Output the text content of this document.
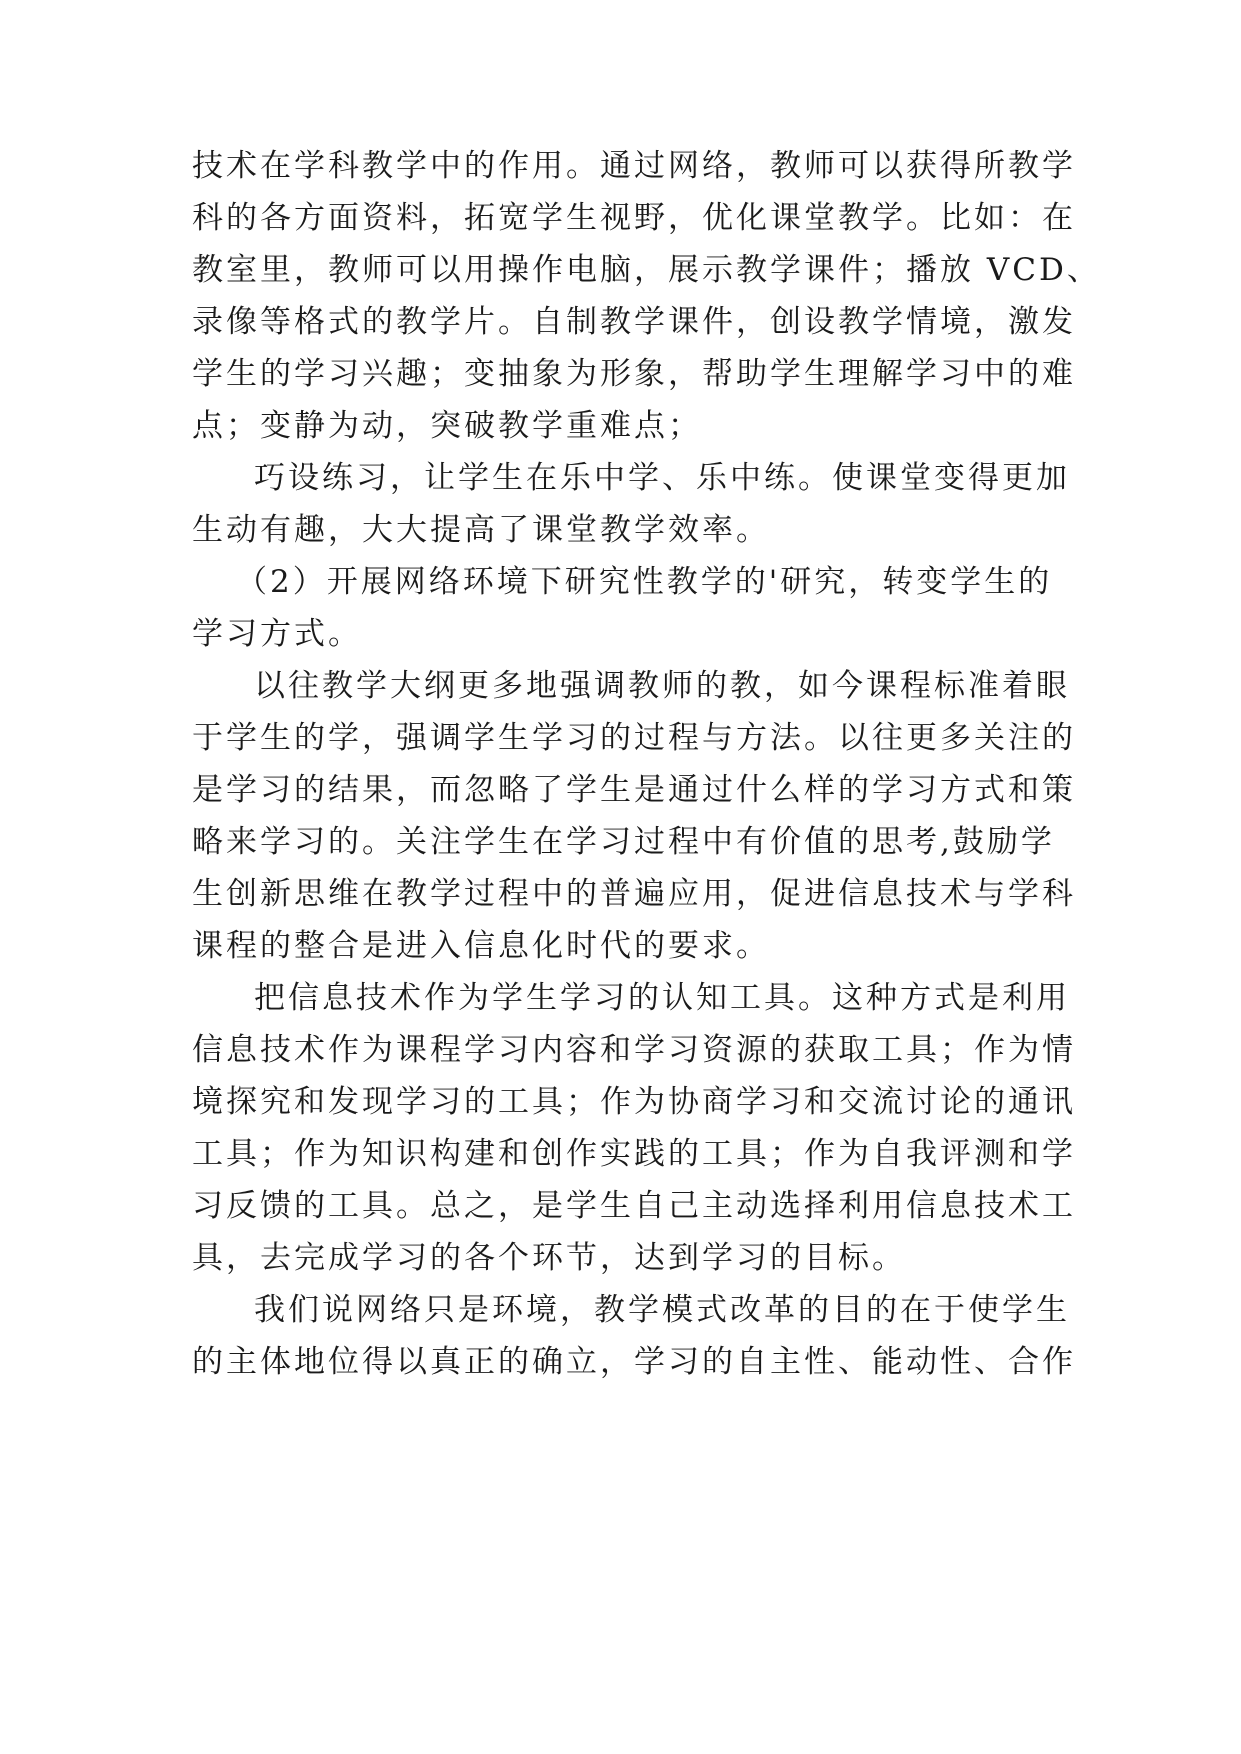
技术在学科教学中的作用。通过网络，教师可以获得所教学
科的各方面资料，拓宽学生视野，优化课堂教学。比如：在
教室里，教师可以用操作电脑，展示教学课件；播放 VCD、
录像等格式的教学片。自制教学课件，创设教学情境，激发
学生的学习兴趣；变抽象为形象，帮助学生理解学习中的难
点；变静为动，突破教学重难点；
巧设练习，让学生在乐中学、乐中练。使课堂变得更加
生动有趣，大大提高了课堂教学效率。
（2）开展网络环境下研究性教学的'研究，转变学生的
学习方式。
以往教学大纲更多地强调教师的教，如今课程标准着眼
于学生的学，强调学生学习的过程与方法。以往更多关注的
是学习的结果，而忽略了学生是通过什么样的学习方式和策
略来学习的。关注学生在学习过程中有价值的思考,鼓励学
生创新思维在教学过程中的普遍应用，促进信息技术与学科
课程的整合是进入信息化时代的要求。
把信息技术作为学生学习的认知工具。这种方式是利用
信息技术作为课程学习内容和学习资源的获取工具；作为情
境探究和发现学习的工具；作为协商学习和交流讨论的通讯
工具；作为知识构建和创作实践的工具；作为自我评测和学
习反馈的工具。总之，是学生自己主动选择利用信息技术工
具，去完成学习的各个环节，达到学习的目标。
我们说网络只是环境，教学模式改革的目的在于使学生
的主体地位得以真正的确立，学习的自主性、能动性、合作
